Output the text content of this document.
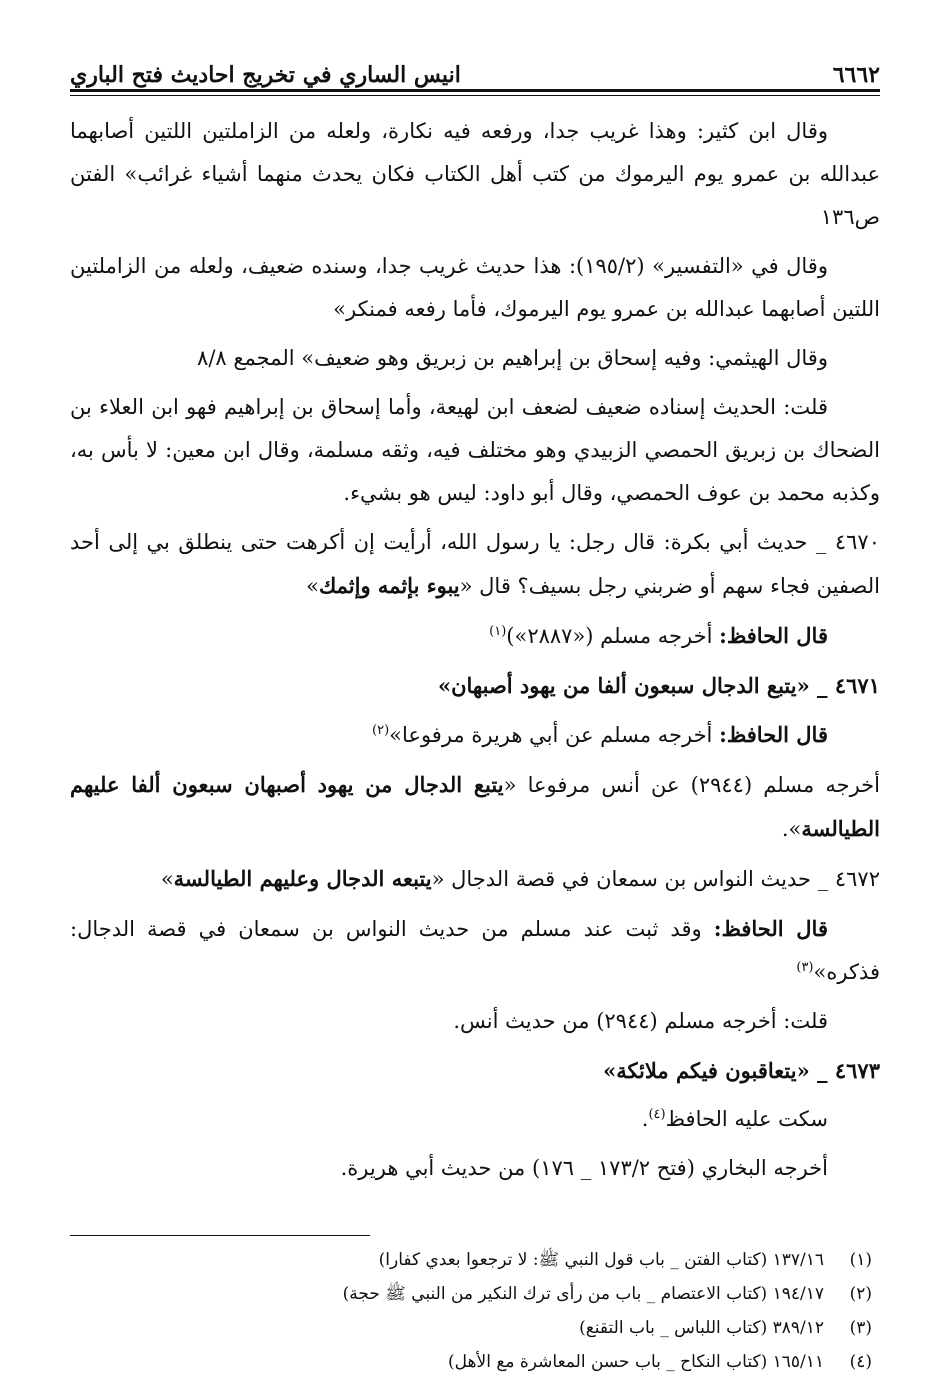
٦٦٦٢
انيس الساري في تخريج احاديث فتح الباري

وقال ابن كثير: وهذا غريب جدا، ورفعه فيه نكارة، ولعله من الزاملتين اللتين أصابهما عبدالله بن عمرو يوم اليرموك من كتب أهل الكتاب فكان يحدث منهما أشياء غرائب» الفتن ص١٣٦

وقال في «التفسير» (١٩٥/٢): هذا حديث غريب جدا، وسنده ضعيف، ولعله من الزاملتين اللتين أصابهما عبدالله بن عمرو يوم اليرموك، فأما رفعه فمنكر»

وقال الهيثمي: وفيه إسحاق بن إبراهيم بن زبريق وهو ضعيف» المجمع ٨/٨

قلت: الحديث إسناده ضعيف لضعف ابن لهيعة، وأما إسحاق بن إبراهيم فهو ابن العلاء بن الضحاك بن زبريق الحمصي الزبيدي وهو مختلف فيه، وثقه مسلمة، وقال ابن معين: لا بأس به، وكذبه محمد بن عوف الحمصي، وقال أبو داود: ليس هو بشيء.

٤٦٧٠ _ حديث أبي بكرة: قال رجل: يا رسول الله، أرأيت إن أكرهت حتى ينطلق بي إلى أحد الصفين فجاء سهم أو ضربني رجل بسيف؟ قال «يبوء بإثمه وإثمك»

قال الحافظ: أخرجه مسلم («٢٨٨٧»)$^{(١)}$

٤٦٧١ _ «يتبع الدجال سبعون ألفا من يهود أصبهان»

قال الحافظ: أخرجه مسلم عن أبي هريرة مرفوعا»$^{(٢)}$

أخرجه مسلم (٢٩٤٤) عن أنس مرفوعا «يتبع الدجال من يهود أصبهان سبعون ألفا عليهم الطيالسة».

٤٦٧٢ _ حديث النواس بن سمعان في قصة الدجال «يتبعه الدجال وعليهم الطيالسة»

قال الحافظ: وقد ثبت عند مسلم من حديث النواس بن سمعان في قصة الدجال: فذكره»$^{(٣)}$

قلت: أخرجه مسلم (٢٩٤٤) من حديث أنس.

٤٦٧٣ _ «يتعاقبون فيكم ملائكة»

سكت عليه الحافظ$^{(٤)}$.

أخرجه البخاري (فتح ١٧٣/٢ _ ١٧٦) من حديث أبي هريرة.

(١)
١٣٧/١٦ (كتاب الفتن _ باب قول النبي ﷺ: لا ترجعوا بعدي كفارا)
(٢)
١٩٤/١٧ (كتاب الاعتصام _ باب من رأى ترك النكير من النبي ﷺ حجة)
(٣)
٣٨٩/١٢ (كتاب اللباس _ باب التقنع)
(٤)
١٦٥/١١ (كتاب النكاح _ باب حسن المعاشرة مع الأهل)
